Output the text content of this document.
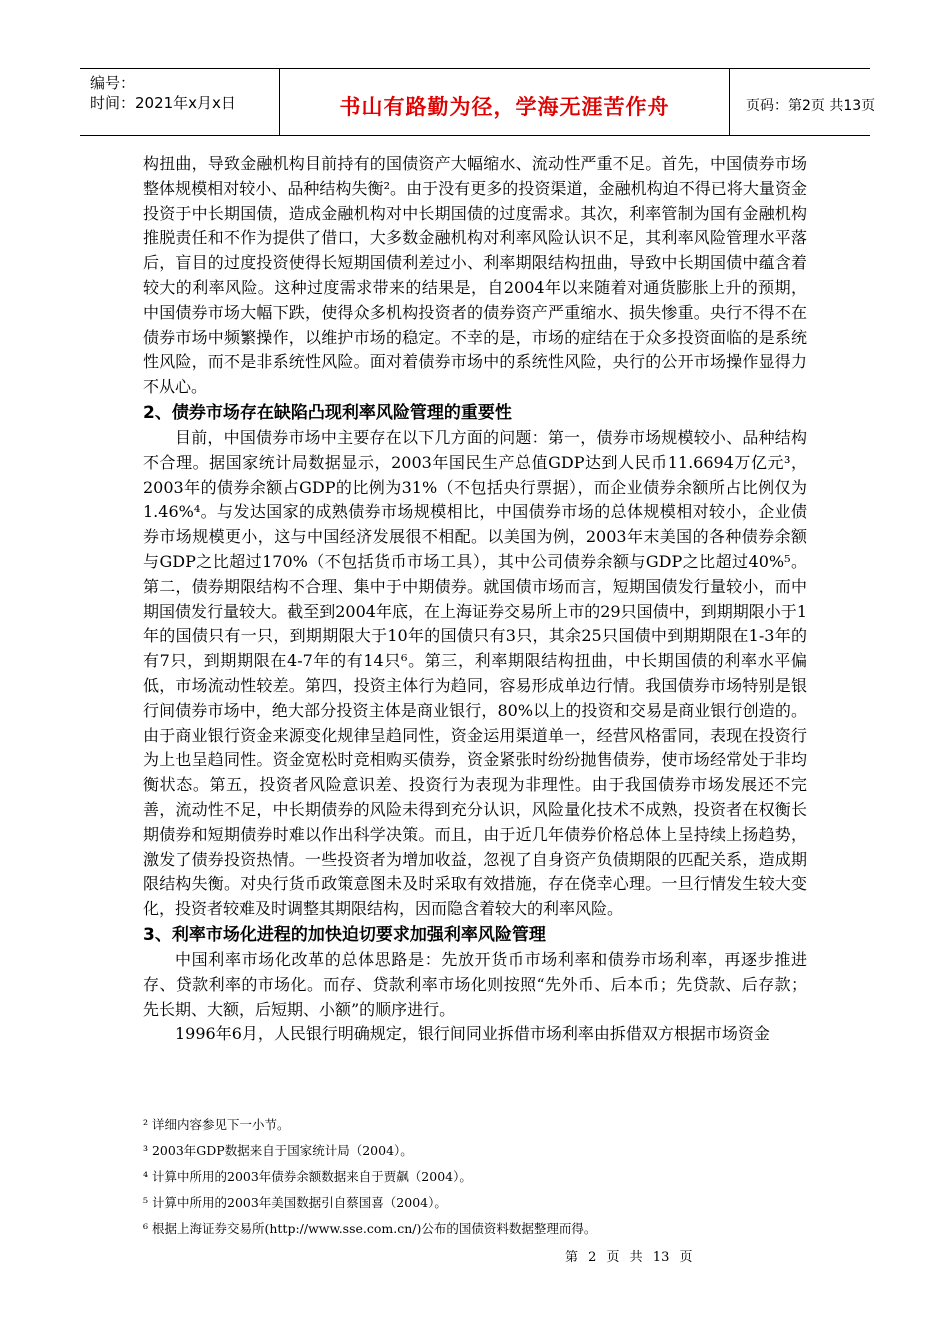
编号：
时间：2021年x月x日	书山有路勤为径，学海无涯苦作舟	页码：第2页 共13页

构扭曲，导致金融机构目前持有的国债资产大幅缩水、流动性严重不足。首先，中国债券市场整体规模相对较小、品种结构失衡²。由于没有更多的投资渠道，金融机构迫不得已将大量资金投资于中长期国债，造成金融机构对中长期国债的过度需求。其次，利率管制为国有金融机构推脱责任和不作为提供了借口，大多数金融机构对利率风险认识不足，其利率风险管理水平落后，盲目的过度投资使得长短期国债利差过小、利率期限结构扭曲，导致中长期国债中蕴含着较大的利率风险。这种过度需求带来的结果是，自2004年以来随着对通货膨胀上升的预期，中国债券市场大幅下跌，使得众多机构投资者的债券资产严重缩水、损失惨重。央行不得不在债券市场中频繁操作，以维护市场的稳定。不幸的是，市场的症结在于众多投资面临的是系统性风险，而不是非系统性风险。面对着债券市场中的系统性风险，央行的公开市场操作显得力不从心。

2、债券市场存在缺陷凸现利率风险管理的重要性

目前，中国债券市场中主要存在以下几方面的问题：第一，债券市场规模较小、品种结构不合理。据国家统计局数据显示，2003年国民生产总值GDP达到人民币11.6694万亿元³，2003年的债券余额占GDP的比例为31%（不包括央行票据），而企业债券余额所占比例仅为1.46%⁴。与发达国家的成熟债券市场规模相比，中国债券市场的总体规模相对较小，企业债券市场规模更小，这与中国经济发展很不相配。以美国为例，2003年末美国的各种债券余额与GDP之比超过170%（不包括货币市场工具），其中公司债券余额与GDP之比超过40%⁵。第二，债券期限结构不合理、集中于中期债券。就国债市场而言，短期国债发行量较小，而中期国债发行量较大。截至到2004年底，在上海证券交易所上市的29只国债中，到期期限小于1年的国债只有一只，到期期限大于10年的国债只有3只，其余25只国债中到期期限在1-3年的有7只，到期期限在4-7年的有14只⁶。第三，利率期限结构扭曲，中长期国债的利率水平偏低，市场流动性较差。第四，投资主体行为趋同，容易形成单边行情。我国债券市场特别是银行间债券市场中，绝大部分投资主体是商业银行，80%以上的投资和交易是商业银行创造的。由于商业银行资金来源变化规律呈趋同性，资金运用渠道单一，经营风格雷同，表现在投资行为上也呈趋同性。资金宽松时竞相购买债券，资金紧张时纷纷抛售债券，使市场经常处于非均衡状态。第五，投资者风险意识差、投资行为表现为非理性。由于我国债券市场发展还不完善，流动性不足，中长期债券的风险未得到充分认识，风险量化技术不成熟，投资者在权衡长期债券和短期债券时难以作出科学决策。而且，由于近几年债券价格总体上呈持续上扬趋势，激发了债券投资热情。一些投资者为增加收益，忽视了自身资产负债期限的匹配关系，造成期限结构失衡。对央行货币政策意图未及时采取有效措施，存在侥幸心理。一旦行情发生较大变化，投资者较难及时调整其期限结构，因而隐含着较大的利率风险。

3、利率市场化进程的加快迫切要求加强利率风险管理

中国利率市场化改革的总体思路是：先放开货币市场利率和债券市场利率，再逐步推进存、贷款利率的市场化。而存、贷款利率市场化则按照“先外币、后本币；先贷款、后存款；先长期、大额，后短期、小额”的顺序进行。

1996年6月，人民银行明确规定，银行间同业拆借市场利率由拆借双方根据市场资金

² 详细内容参见下一小节。
³ 2003年GDP数据来自于国家统计局（2004）。
⁴ 计算中所用的2003年债券余额数据来自于贾飙（2004）。
⁵ 计算中所用的2003年美国数据引自蔡国喜（2004）。
⁶ 根据上海证券交易所(http://www.sse.com.cn/)公布的国债资料数据整理而得。
第 2 页 共 13 页
